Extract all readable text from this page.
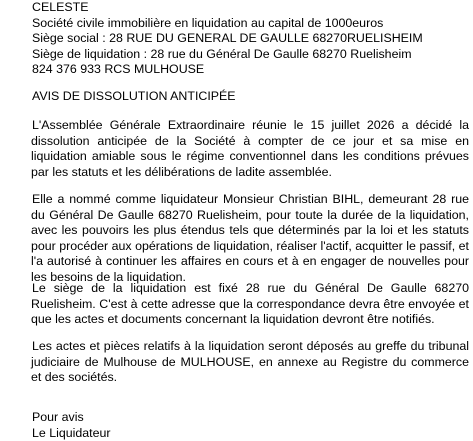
CELESTE
Société civile immobilière en liquidation au capital de 1000euros
Siège social : 28 RUE DU GENERAL DE GAULLE 68270RUELISHEIM
Siège de liquidation : 28 rue du Général De Gaulle 68270 Ruelisheim
824 376 933 RCS MULHOUSE
AVIS DE DISSOLUTION ANTICIPÉE

L'Assemblée Générale Extraordinaire réunie le 15 juillet 2026 a décidé la dissolution anticipée de la Société à compter de ce jour et sa mise en liquidation amiable sous le régime conventionnel dans les conditions prévues par les statuts et les délibérations de ladite assemblée.

Elle a nommé comme liquidateur Monsieur Christian BIHL, demeurant 28 rue du Général De Gaulle 68270 Ruelisheim, pour toute la durée de la liquidation, avec les pouvoirs les plus étendus tels que déterminés par la loi et les statuts pour procéder aux opérations de liquidation, réaliser l'actif, acquitter le passif, et l'a autorisé à continuer les affaires en cours et à en engager de nouvelles pour les besoins de la liquidation.

Le siège de la liquidation est fixé 28 rue du Général De Gaulle 68270 Ruelisheim. C'est à cette adresse que la correspondance devra être envoyée et que les actes et documents concernant la liquidation devront être notifiés.

Les actes et pièces relatifs à la liquidation seront déposés au greffe du tribunal judiciaire de Mulhouse de MULHOUSE, en annexe au Registre du commerce et des sociétés.

Pour avis
Le Liquidateur
